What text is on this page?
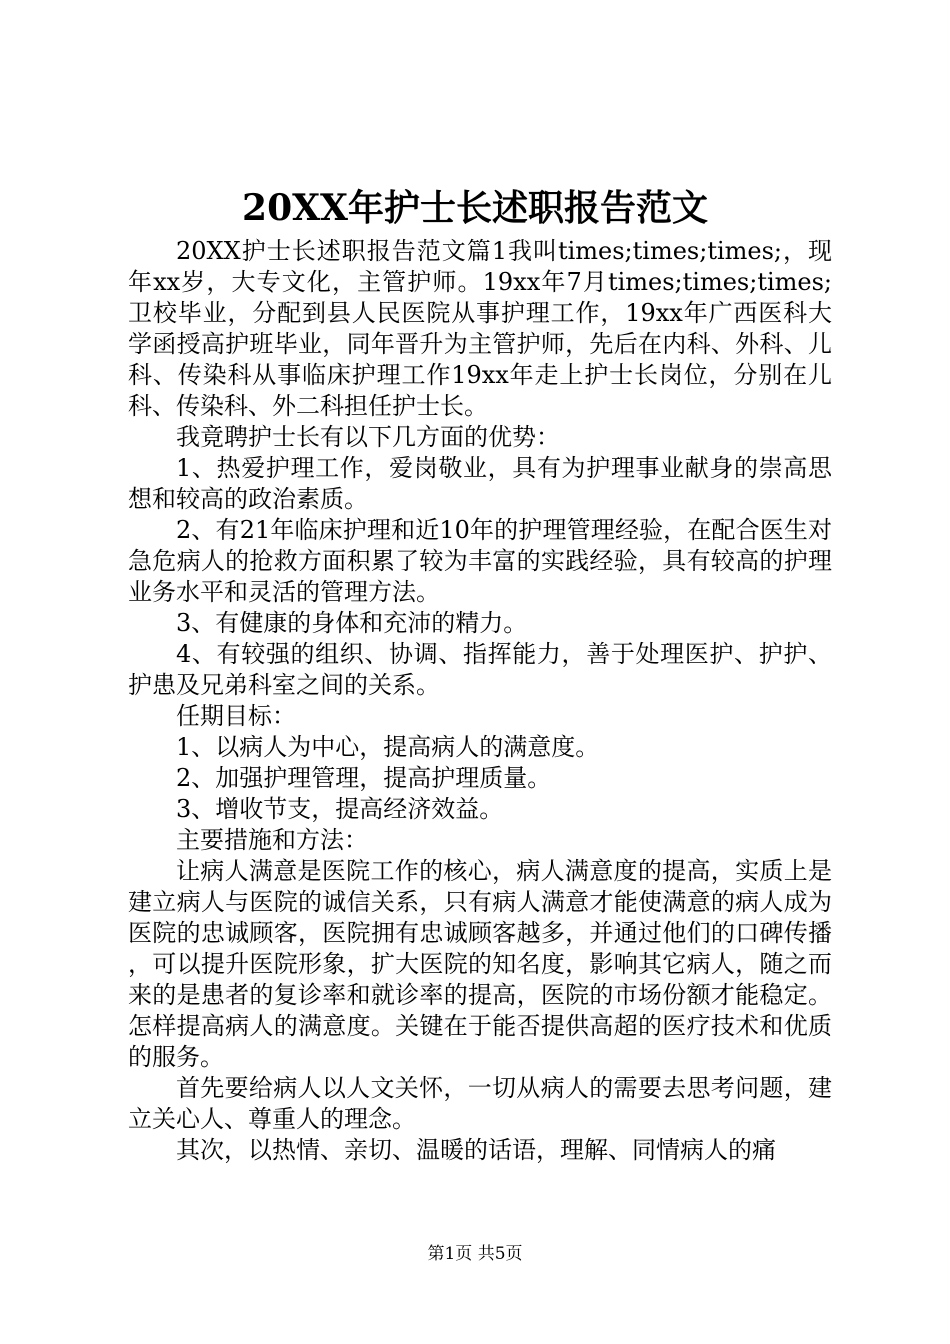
20XX年护士长述职报告范文

20XX护士长述职报告范文篇1我叫times;times;times;，现年xx岁，大专文化，主管护师。19xx年7月times;times;times;卫校毕业，分配到县人民医院从事护理工作，19xx年广西医科大学函授高护班毕业，同年晋升为主管护师，先后在内科、外科、儿科、传染科从事临床护理工作19xx年走上护士长岗位，分别在儿科、传染科、外二科担任护士长。

我竟聘护士长有以下几方面的优势：

1、热爱护理工作，爱岗敬业，具有为护理事业献身的崇高思想和较高的政治素质。

2、有21年临床护理和近10年的护理管理经验，在配合医生对急危病人的抢救方面积累了较为丰富的实践经验，具有较高的护理业务水平和灵活的管理方法。

3、有健康的身体和充沛的精力。

4、有较强的组织、协调、指挥能力，善于处理医护、护护、护患及兄弟科室之间的关系。

任期目标：

1、以病人为中心，提高病人的满意度。

2、加强护理管理，提高护理质量。

3、增收节支，提高经济效益。

主要措施和方法：

让病人满意是医院工作的核心，病人满意度的提高，实质上是建立病人与医院的诚信关系，只有病人满意才能使满意的病人成为医院的忠诚顾客，医院拥有忠诚顾客越多，并通过他们的口碑传播，可以提升医院形象，扩大医院的知名度，影响其它病人，随之而来的是患者的复诊率和就诊率的提高，医院的市场份额才能稳定。怎样提高病人的满意度。关键在于能否提供高超的医疗技术和优质的服务。

首先要给病人以人文关怀，一切从病人的需要去思考问题，建立关心人、尊重人的理念。

其次，以热情、亲切、温暖的话语，理解、同情病人的痛

第1页 共5页
